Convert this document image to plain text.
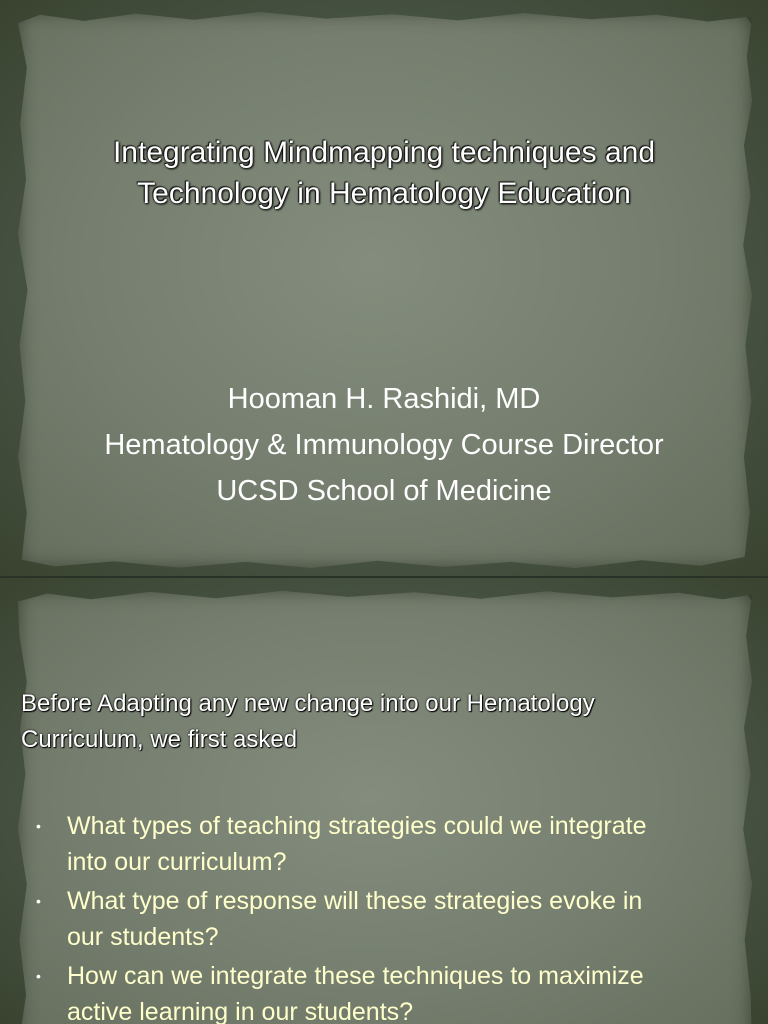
Integrating Mindmapping techniques and
Technology in Hematology Education
Hooman H. Rashidi, MD
Hematology & Immunology Course Director
UCSD School of Medicine

Before Adapting any new change into our Hematology
Curriculum, we first asked

• What types of teaching strategies could we integrate
into our curriculum?
• What type of response will these strategies evoke in
our students?
• How can we integrate these techniques to maximize
active learning in our students?
